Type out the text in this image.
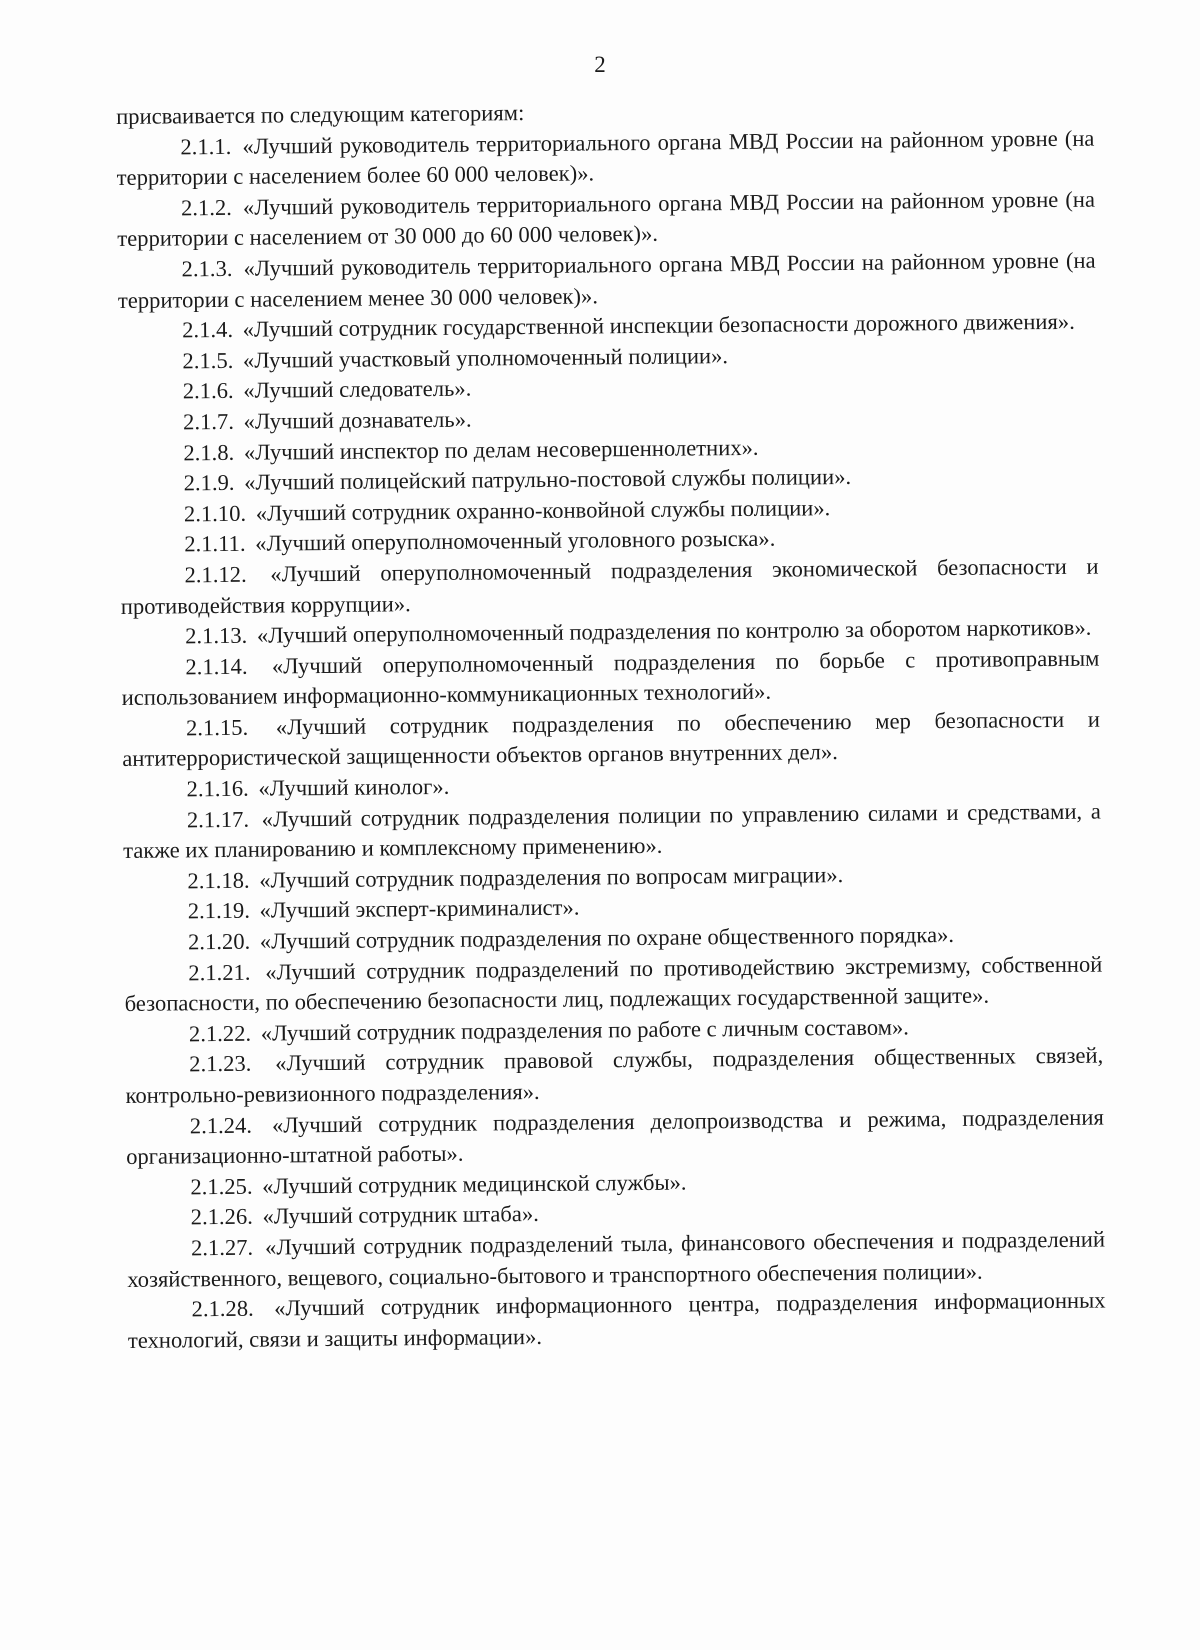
2

присваивается по следующим категориям:

2.1.1. «Лучший руководитель территориального органа МВД России на районном уровне (на территории с населением более 60 000 человек)».

2.1.2. «Лучший руководитель территориального органа МВД России на районном уровне (на территории с населением от 30 000 до 60 000 человек)».

2.1.3. «Лучший руководитель территориального органа МВД России на районном уровне (на территории с населением менее 30 000 человек)».

2.1.4. «Лучший сотрудник государственной инспекции безопасности дорожного движения».

2.1.5. «Лучший участковый уполномоченный полиции».

2.1.6. «Лучший следователь».

2.1.7. «Лучший дознаватель».

2.1.8. «Лучший инспектор по делам несовершеннолетних».

2.1.9. «Лучший полицейский патрульно-постовой службы полиции».

2.1.10. «Лучший сотрудник охранно-конвойной службы полиции».

2.1.11. «Лучший оперуполномоченный уголовного розыска».

2.1.12. «Лучший оперуполномоченный подразделения экономической безопасности и противодействия коррупции».

2.1.13. «Лучший оперуполномоченный подразделения по контролю за оборотом наркотиков».

2.1.14. «Лучший оперуполномоченный подразделения по борьбе с противоправным использованием информационно-коммуникационных технологий».

2.1.15. «Лучший сотрудник подразделения по обеспечению мер безопасности и антитеррористической защищенности объектов органов внутренних дел».

2.1.16. «Лучший кинолог».

2.1.17. «Лучший сотрудник подразделения полиции по управлению силами и средствами, а также их планированию и комплексному применению».

2.1.18. «Лучший сотрудник подразделения по вопросам миграции».

2.1.19. «Лучший эксперт-криминалист».

2.1.20. «Лучший сотрудник подразделения по охране общественного порядка».

2.1.21. «Лучший сотрудник подразделений по противодействию экстремизму, собственной безопасности, по обеспечению безопасности лиц, подлежащих государственной защите».

2.1.22. «Лучший сотрудник подразделения по работе с личным составом».

2.1.23. «Лучший сотрудник правовой службы, подразделения общественных связей, контрольно-ревизионного подразделения».

2.1.24. «Лучший сотрудник подразделения делопроизводства и режима, подразделения организационно-штатной работы».

2.1.25. «Лучший сотрудник медицинской службы».

2.1.26. «Лучший сотрудник штаба».

2.1.27. «Лучший сотрудник подразделений тыла, финансового обеспечения и подразделений хозяйственного, вещевого, социально-бытового и транспортного обеспечения полиции».

2.1.28. «Лучший сотрудник информационного центра, подразделения информационных технологий, связи и защиты информации».
